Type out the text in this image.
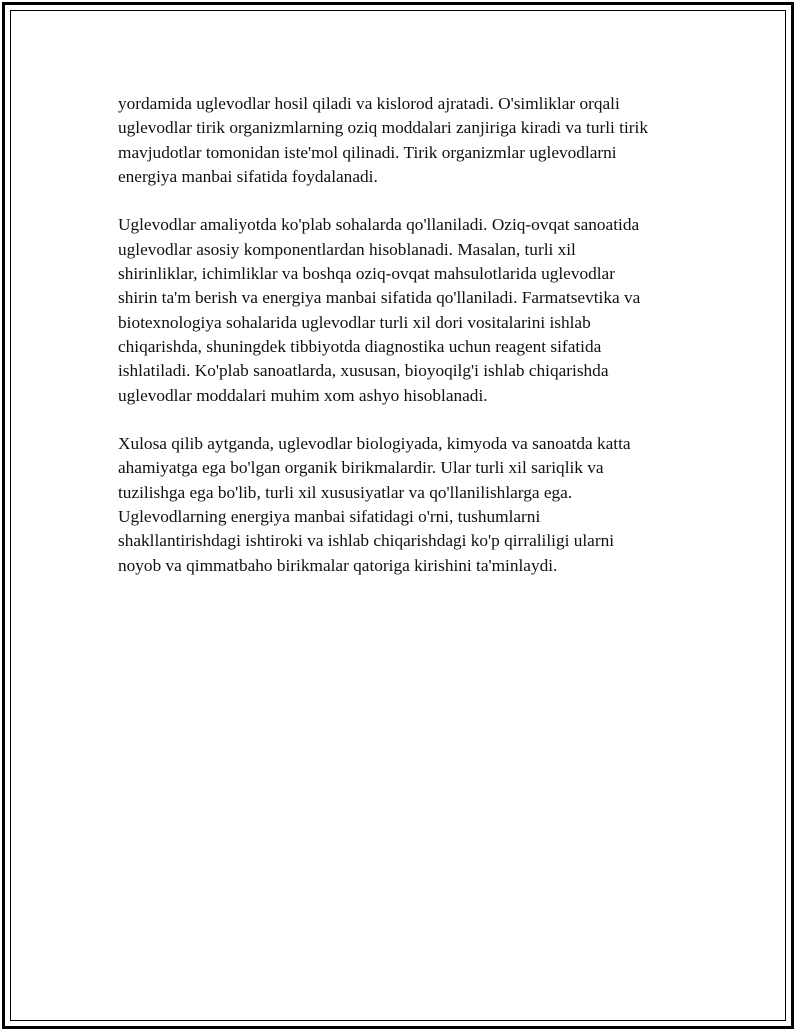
yordamida uglevodlar hosil qiladi va kislorod ajratadi. O'simliklar orqali
uglevodlar tirik organizmlarning oziq moddalari zanjiriga kiradi va turli tirik
mavjudotlar tomonidan iste'mol qilinadi. Tirik organizmlar uglevodlarni
energiya manbai sifatida foydalanadi.

Uglevodlar amaliyotda ko'plab sohalarda qo'llaniladi. Oziq-ovqat sanoatida
uglevodlar asosiy komponentlardan hisoblanadi. Masalan, turli xil
shirinliklar, ichimliklar va boshqa oziq-ovqat mahsulotlarida uglevodlar
shirin ta'm berish va energiya manbai sifatida qo'llaniladi. Farmatsevtika va
biotexnologiya sohalarida uglevodlar turli xil dori vositalarini ishlab
chiqarishda, shuningdek tibbiyotda diagnostika uchun reagent sifatida
ishlatiladi. Ko'plab sanoatlarda, xususan, bioyoqilg'i ishlab chiqarishda
uglevodlar moddalari muhim xom ashyo hisoblanadi.

Xulosa qilib aytganda, uglevodlar biologiyada, kimyoda va sanoatda katta
ahamiyatga ega bo'lgan organik birikmalardir. Ular turli xil sariqlik va
tuzilishga ega bo'lib, turli xil xususiyatlar va qo'llanilishlarga ega.
Uglevodlarning energiya manbai sifatidagi o'rni, tushumlarni
shakllantirishdagi ishtiroki va ishlab chiqarishdagi ko'p qirraliligi ularni
noyob va qimmatbaho birikmalar qatoriga kirishini ta'minlaydi.
